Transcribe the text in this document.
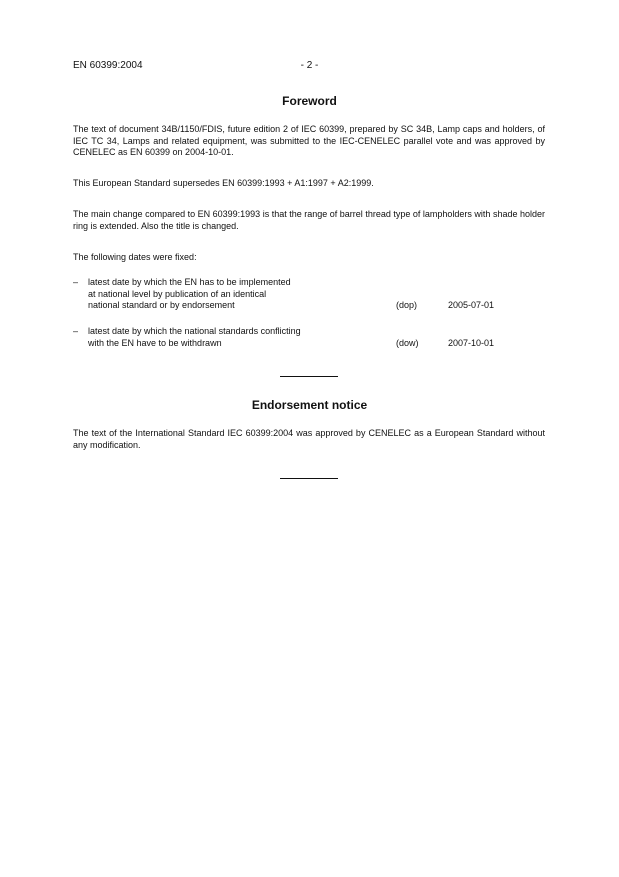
EN 60399:2004	- 2 -
Foreword

The text of document 34B/1150/FDIS, future edition 2 of IEC 60399, prepared by SC 34B, Lamp caps and holders, of IEC TC 34, Lamps and related equipment, was submitted to the IEC-CENELEC parallel vote and was approved by CENELEC as EN 60399 on 2004-10-01.

This European Standard supersedes EN 60399:1993 + A1:1997 + A2:1999.

The main change compared to EN 60399:1993 is that the range of barrel thread type of lampholders with shade holder ring is extended. Also the title is changed.

The following dates were fixed:

– latest date by which the EN has to be implemented
at national level by publication of an identical
national standard or by endorsement	(dop)	2005-07-01
– latest date by which the national standards conflicting
with the EN have to be withdrawn	(dow)	2007-10-01
Endorsement notice

The text of the International Standard IEC 60399:2004 was approved by CENELEC as a European Standard without any modification.
